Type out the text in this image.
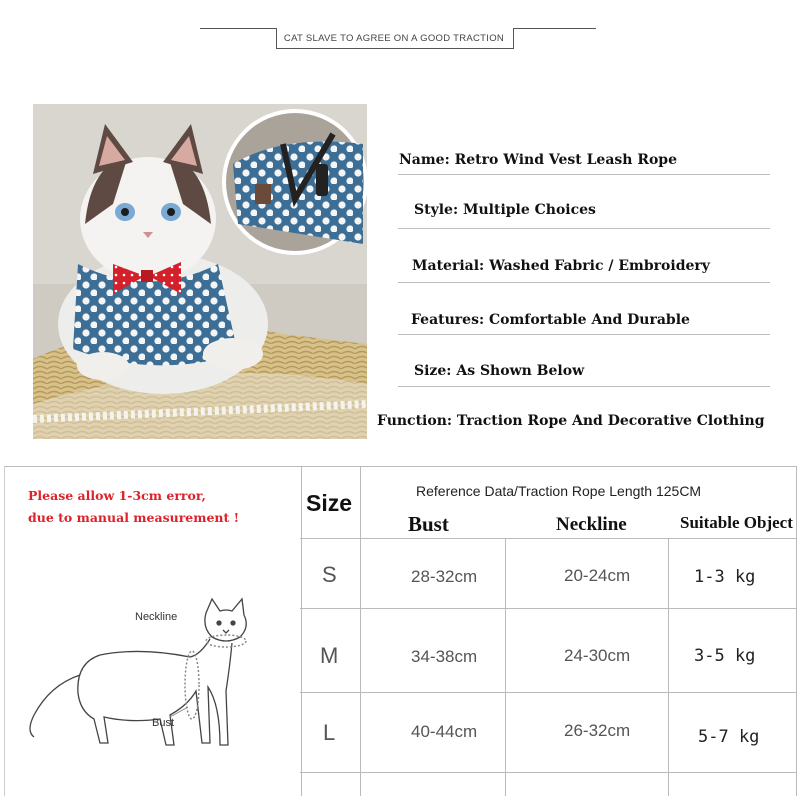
CAT SLAVE TO AGREE ON A GOOD TRACTION
Name: Retro Wind Vest Leash Rope
Style: Multiple Choices
Material: Washed Fabric / Embroidery
Features: Comfortable And Durable
Size: As Shown Below
Function: Traction Rope And Decorative Clothing
Please allow 1-3cm error,
due to manual measurement !
Neckline
Bust
Size	Reference Data/Traction Rope Length 125CM
Bust	Neckline	Suitable Object
S	28-32cm	20-24cm	1-3 kg
M	34-38cm	24-30cm	3-5 kg
L	40-44cm	26-32cm	5-7 kg
